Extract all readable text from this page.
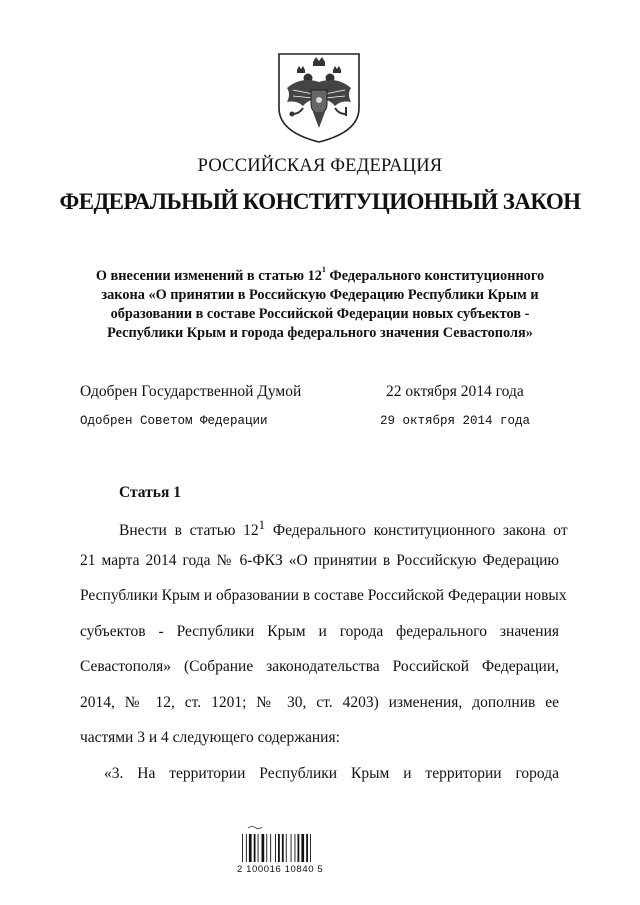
РОССИЙСКАЯ ФЕДЕРАЦИЯ
ФЕДЕРАЛЬНЫЙ КОНСТИТУЦИОННЫЙ ЗАКОН
О внесении изменений в статью $12^1$ Федерального конституционного
закона «О принятии в Российскую Федерацию Республики Крым и
образовании в составе Российской Федерации новых субъектов -
Республики Крым и города федерального значения Севастополя»
Одобрен Государственной Думой	22 октября 2014 года
Одобрен Советом Федерации	29 октября 2014 года
Статья 1
Внести  в  статью  $12^1$  Федерального  конституционного  закона  от
21 марта 2014 года № 6-ФКЗ «О принятии в Российскую Федерацию
Республики Крым и образовании в составе Российской Федерации новых
субъектов - Республики Крым и города федерального значения
Севастополя» (Собрание законодательства Российской Федерации,
2014, № 12, ст. 1201; № 30, ст. 4203) изменения, дополнив ее
частями 3 и 4 следующего содержания:
«3. На территории Республики Крым и территории города
2 100016 10840 5
